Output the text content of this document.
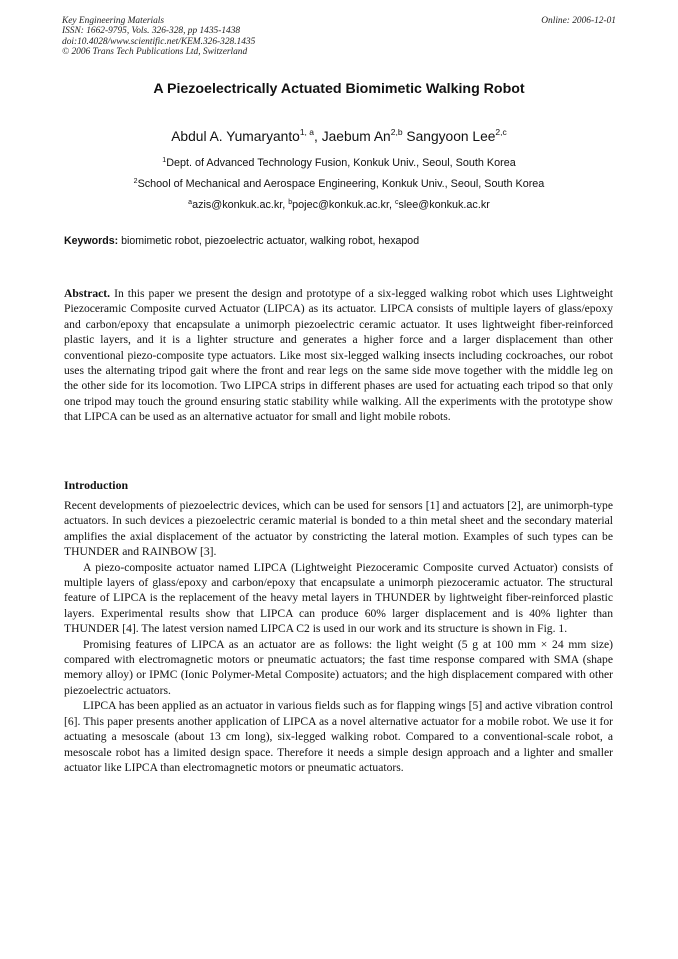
Key Engineering Materials
ISSN: 1662-9795, Vols. 326-328, pp 1435-1438
doi:10.4028/www.scientific.net/KEM.326-328.1435
© 2006 Trans Tech Publications Ltd, Switzerland
Online: 2006-12-01
A Piezoelectrically Actuated Biomimetic Walking Robot
Abdul A. Yumaryanto$^{1, a}$, Jaebum An$^{2,b}$ Sangyoon Lee$^{2,c}$
$^1$Dept. of Advanced Technology Fusion, Konkuk Univ., Seoul, South Korea
$^2$School of Mechanical and Aerospace Engineering, Konkuk Univ., Seoul, South Korea
$^a$azis@konkuk.ac.kr, $^b$pojec@konkuk.ac.kr, $^c$slee@konkuk.ac.kr
Keywords: biomimetic robot, piezoelectric actuator, walking robot, hexapod
Abstract. In this paper we present the design and prototype of a six-legged walking robot which uses Lightweight Piezoceramic Composite curved Actuator (LIPCA) as its actuator. LIPCA consists of multiple layers of glass/epoxy and carbon/epoxy that encapsulate a unimorph piezoelectric ceramic actuator. It uses lightweight fiber-reinforced plastic layers, and it is a lighter structure and generates a higher force and a larger displacement than other conventional piezo-composite type actuators. Like most six-legged walking insects including cockroaches, our robot uses the alternating tripod gait where the front and rear legs on the same side move together with the middle leg on the other side for its locomotion. Two LIPCA strips in different phases are used for actuating each tripod so that only one tripod may touch the ground ensuring static stability while walking. All the experiments with the prototype show that LIPCA can be used as an alternative actuator for small and light mobile robots.
Introduction

Recent developments of piezoelectric devices, which can be used for sensors [1] and actuators [2], are unimorph-type actuators. In such devices a piezoelectric ceramic material is bonded to a thin metal sheet and the secondary material amplifies the axial displacement of the actuator by constricting the lateral motion. Examples of such types can be THUNDER and RAINBOW [3].

A piezo-composite actuator named LIPCA (Lightweight Piezoceramic Composite curved Actuator) consists of multiple layers of glass/epoxy and carbon/epoxy that encapsulate a unimorph piezoceramic actuator. The structural feature of LIPCA is the replacement of the heavy metal layers in THUNDER by lightweight fiber-reinforced plastic layers. Experimental results show that LIPCA can produce 60% larger displacement and is 40% lighter than THUNDER [4]. The latest version named LIPCA C2 is used in our work and its structure is shown in Fig. 1.

Promising features of LIPCA as an actuator are as follows: the light weight (5 g at 100 mm × 24 mm size) compared with electromagnetic motors or pneumatic actuators; the fast time response compared with SMA (shape memory alloy) or IPMC (Ionic Polymer-Metal Composite) actuators; and the high displacement compared with other piezoelectric actuators.

LIPCA has been applied as an actuator in various fields such as for flapping wings [5] and active vibration control [6]. This paper presents another application of LIPCA as a novel alternative actuator for a mobile robot. We use it for actuating a mesoscale (about 13 cm long), six-legged walking robot. Compared to a conventional-scale robot, a mesoscale robot has a limited design space. Therefore it needs a simple design approach and a lighter and smaller actuator like LIPCA than electromagnetic motors or pneumatic actuators.
